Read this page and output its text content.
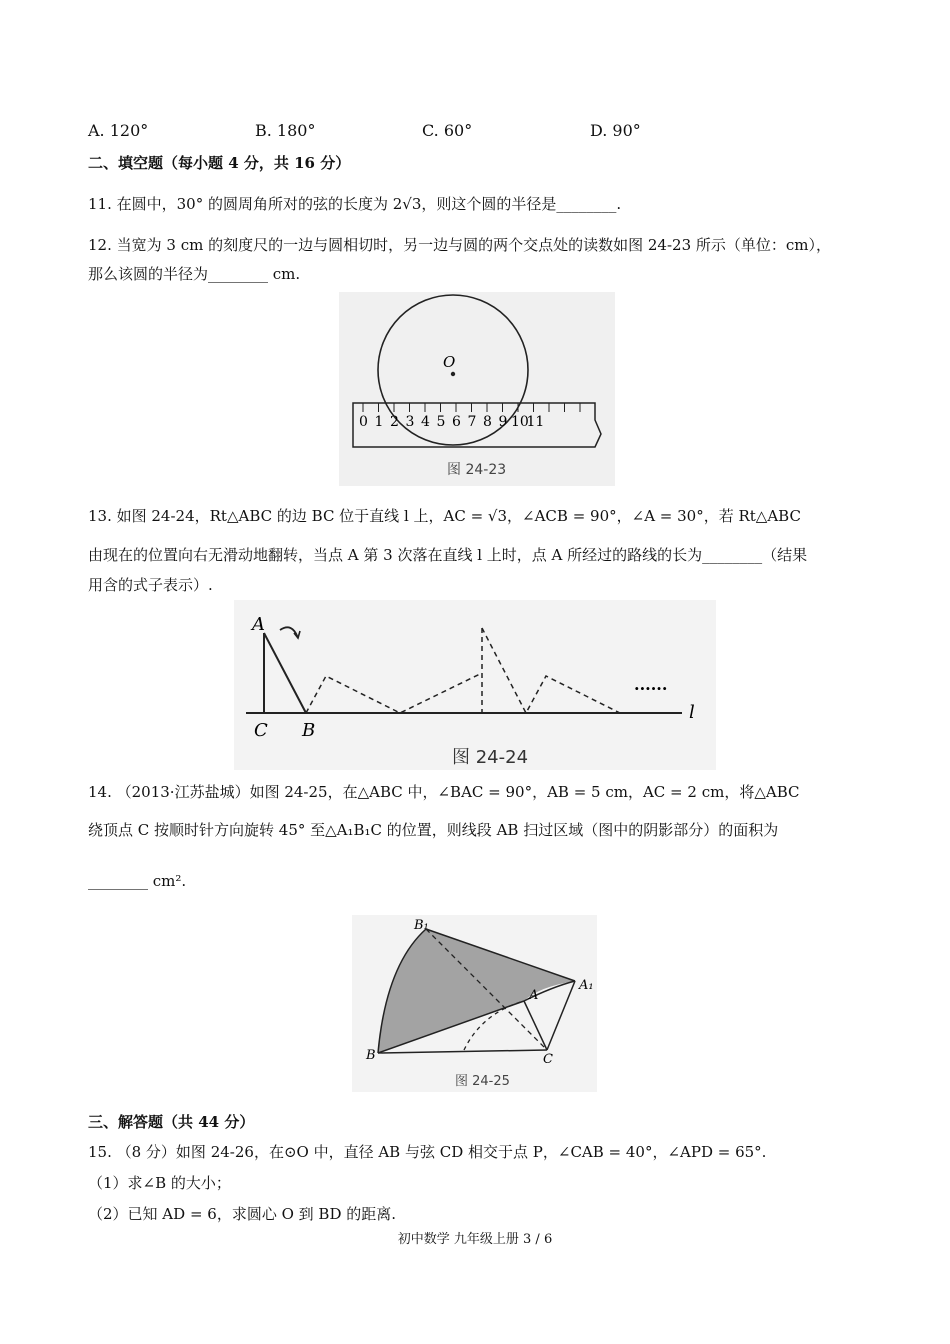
A. 120°	B. 180°	C. 60°	D. 90°
二、填空题（每小题 4 分，共 16 分）
11. 在圆中，30° 的圆周角所对的弦的长度为 2√3，则这个圆的半径是________.
12. 当宽为 3 cm 的刻度尺的一边与圆相切时，另一边与圆的两个交点处的读数如图 24-23 所示（单位：cm），
那么该圆的半径为________ cm.
O
0 1 2 3 4 5 6 7 8 9 10
11
图 24-23
13. 如图 24-24，Rt△ABC 的边 BC 位于直线 l 上，AC = √3，∠ACB = 90°，∠A = 30°，若 Rt△ABC
由现在的位置向右无滑动地翻转，当点 A 第 3 次落在直线 l 上时，点 A 所经过的路线的长为________（结果
用含的式子表示）.
A
C B
l
......
图 24-24
14. （2013·江苏盐城）如图 24-25，在△ABC 中，∠BAC = 90°，AB = 5 cm，AC = 2 cm，将△ABC
绕顶点 C 按顺时针方向旋转 45° 至△A₁B₁C 的位置，则线段 AB 扫过区域（图中的阴影部分）的面积为
________ cm².
B₁
A
A₁
B	C
图 24-25
三、解答题（共 44 分）
15. （8 分）如图 24-26，在⊙O 中，直径 AB 与弦 CD 相交于点 P，∠CAB = 40°，∠APD = 65°.
（1）求∠B 的大小；
（2）已知 AD = 6，求圆心 O 到 BD 的距离.
初中数学 九年级上册 3 / 6
